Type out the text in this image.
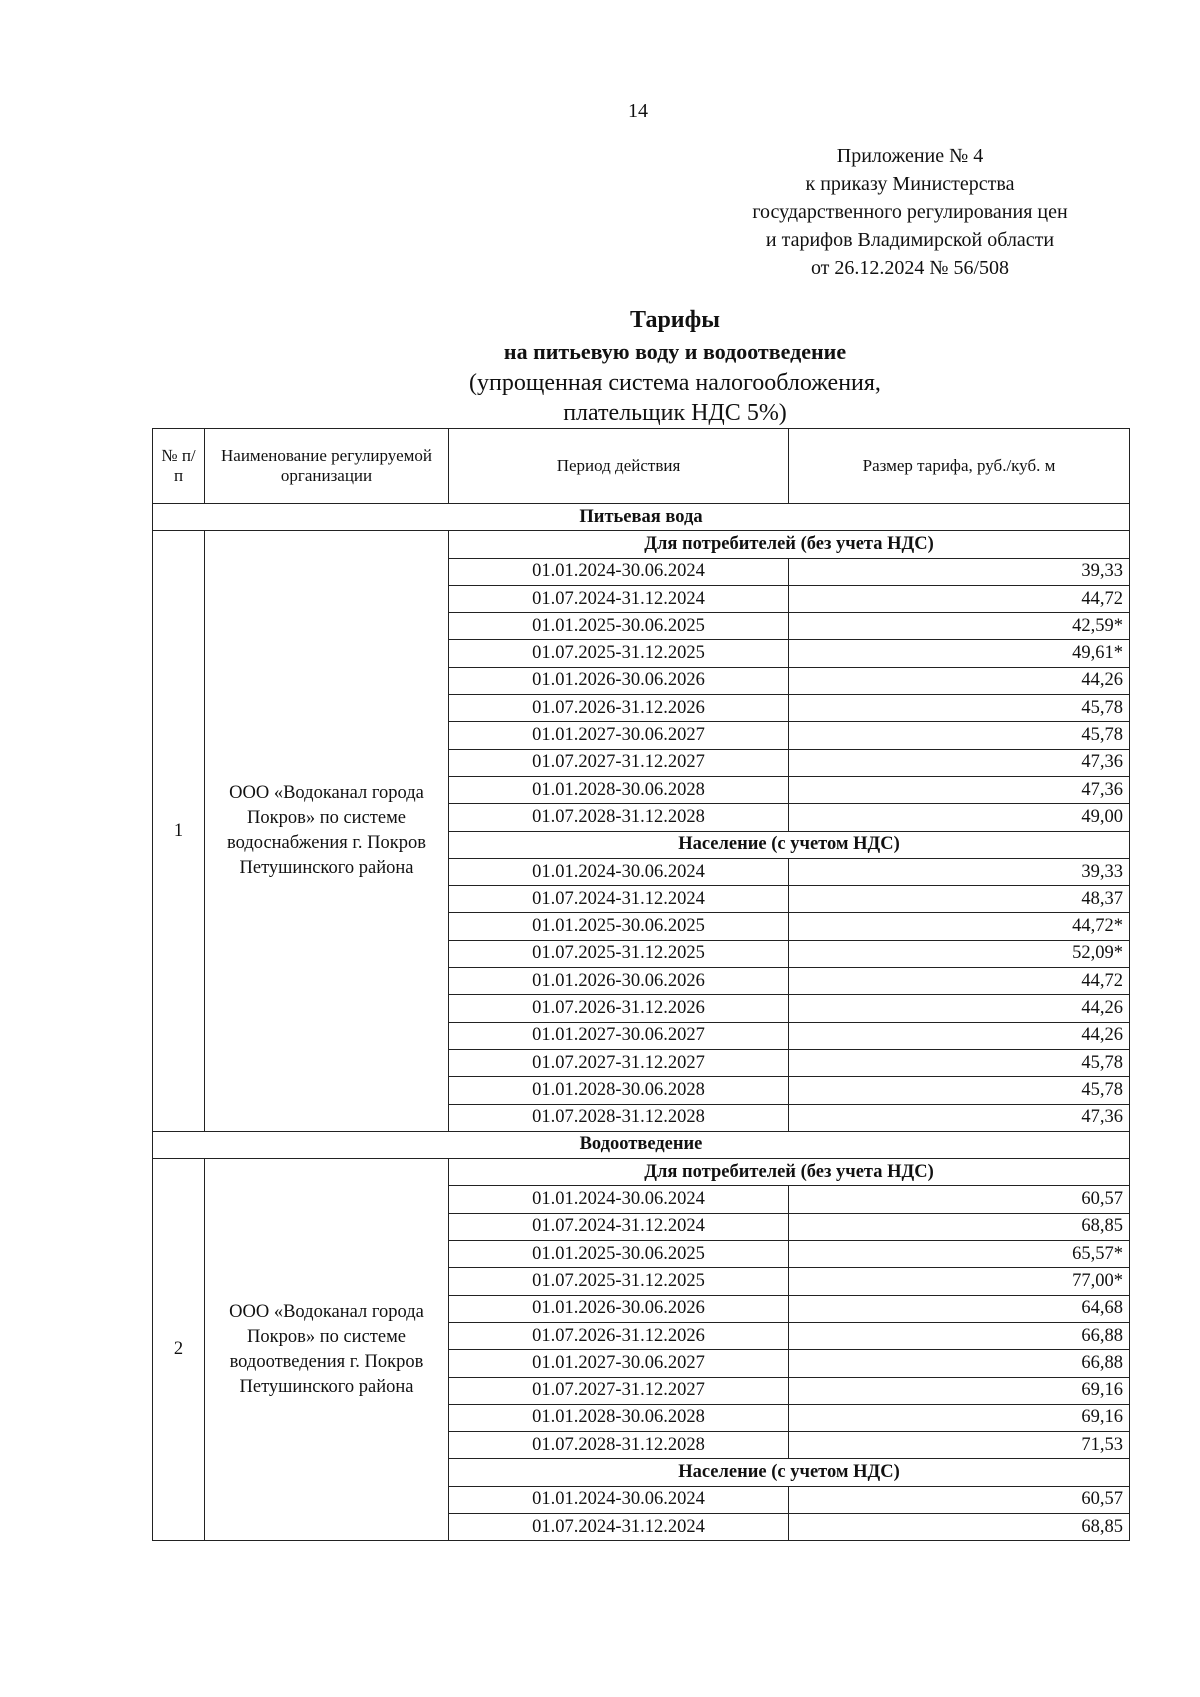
14
Приложение № 4
к приказу Министерства
государственного регулирования цен
и тарифов Владимирской области
от 26.12.2024 № 56/508
Тарифы
на питьевую воду и водоотведение
(упрощенная система налогообложения,
плательщик НДС 5%)
№ п/п	Наименование регулируемой организации	Период действия	Размер тарифа, руб./куб. м
Питьевая вода			
1	ООО «Водоканал города Покров» по системе водоснабжения г. Покров Петушинского района	Для потребителей (без учета НДС)	
		01.01.2024-30.06.2024	39,33
		01.07.2024-31.12.2024	44,72
		01.01.2025-30.06.2025	42,59*
		01.07.2025-31.12.2025	49,61*
		01.01.2026-30.06.2026	44,26
		01.07.2026-31.12.2026	45,78
		01.01.2027-30.06.2027	45,78
		01.07.2027-31.12.2027	47,36
		01.01.2028-30.06.2028	47,36
		01.07.2028-31.12.2028	49,00
		Население (с учетом НДС)	
		01.01.2024-30.06.2024	39,33
		01.07.2024-31.12.2024	48,37
		01.01.2025-30.06.2025	44,72*
		01.07.2025-31.12.2025	52,09*
		01.01.2026-30.06.2026	44,72
		01.07.2026-31.12.2026	44,26
		01.01.2027-30.06.2027	44,26
		01.07.2027-31.12.2027	45,78
		01.01.2028-30.06.2028	45,78
		01.07.2028-31.12.2028	47,36
Водоотведение			
2	ООО «Водоканал города Покров» по системе водоотведения г. Покров Петушинского района	Для потребителей (без учета НДС)	
		01.01.2024-30.06.2024	60,57
		01.07.2024-31.12.2024	68,85
		01.01.2025-30.06.2025	65,57*
		01.07.2025-31.12.2025	77,00*
		01.01.2026-30.06.2026	64,68
		01.07.2026-31.12.2026	66,88
		01.01.2027-30.06.2027	66,88
		01.07.2027-31.12.2027	69,16
		01.01.2028-30.06.2028	69,16
		01.07.2028-31.12.2028	71,53
		Население (с учетом НДС)	
		01.01.2024-30.06.2024	60,57
		01.07.2024-31.12.2024	68,85
